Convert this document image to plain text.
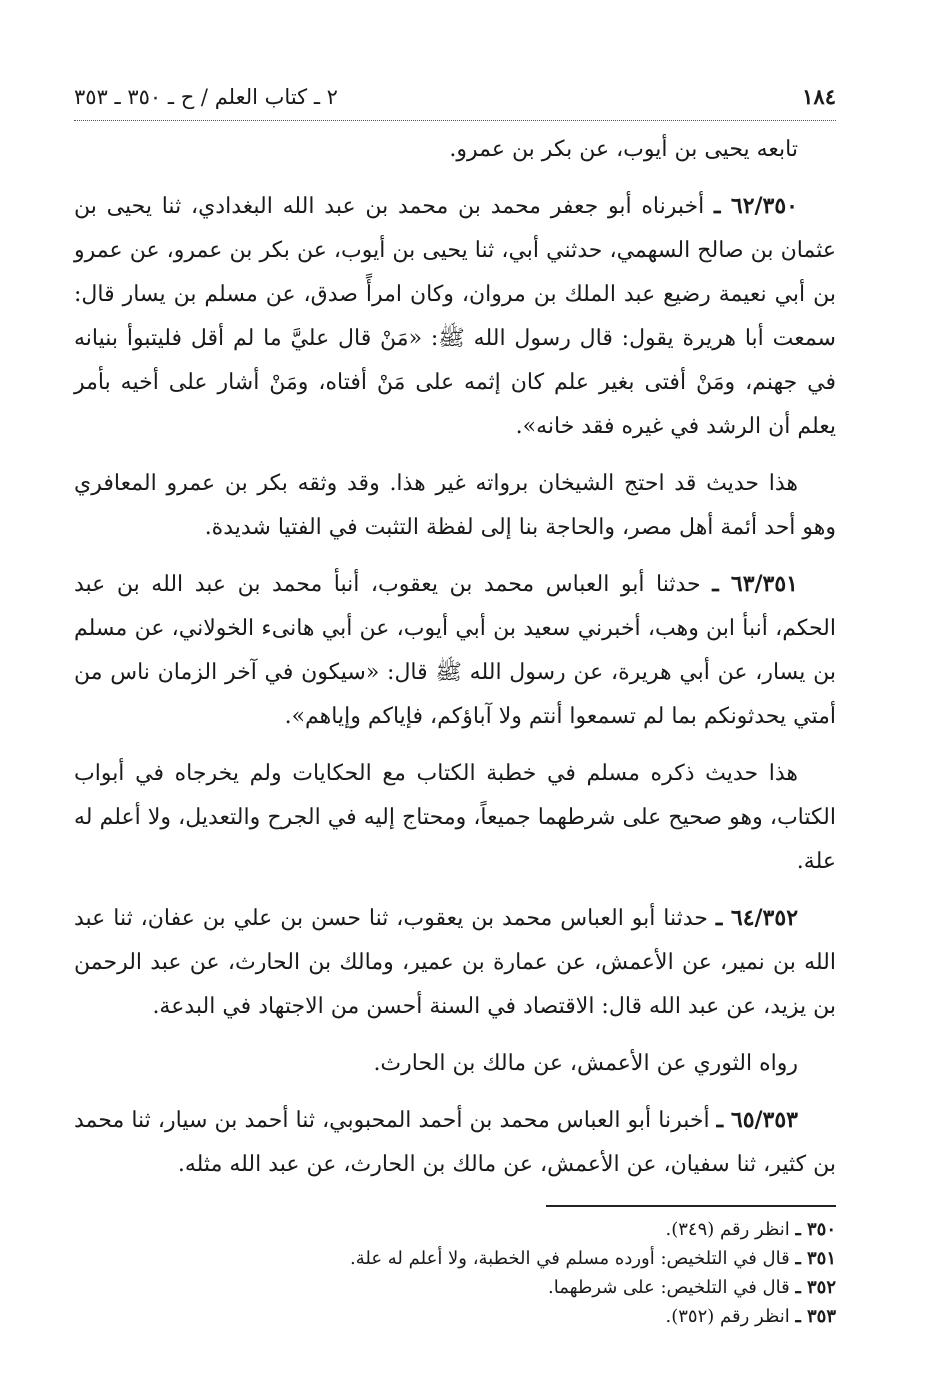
١٨٤
٢ ـ كتاب العلم / ح ـ ٣٥٠ ـ ٣٥٣

تابعه يحيى بن أيوب، عن بكر بن عمرو.

٦٢/٣٥٠ ـ أخبرناه أبو جعفر محمد بن محمد بن عبد الله البغدادي، ثنا يحيى بن عثمان بن صالح السهمي، حدثني أبي، ثنا يحيى بن أيوب، عن بكر بن عمرو، عن عمرو بن أبي نعيمة رضيع عبد الملك بن مروان، وكان امرأً صدق، عن مسلم بن يسار قال: سمعت أبا هريرة يقول: قال رسول الله ﷺ: «مَنْ قال عليَّ ما لم أقل فليتبوأ بنيانه في جهنم، ومَنْ أفتى بغير علم كان إثمه على مَنْ أفتاه، ومَنْ أشار على أخيه بأمر يعلم أن الرشد في غيره فقد خانه».

هذا حديث قد احتج الشيخان برواته غير هذا. وقد وثقه بكر بن عمرو المعافري وهو أحد أئمة أهل مصر، والحاجة بنا إلى لفظة التثبت في الفتيا شديدة.

٦٣/٣٥١ ـ حدثنا أبو العباس محمد بن يعقوب، أنبأ محمد بن عبد الله بن عبد الحكم، أنبأ ابن وهب، أخبرني سعيد بن أبي أيوب، عن أبي هانىء الخولاني، عن مسلم بن يسار، عن أبي هريرة، عن رسول الله ﷺ قال: «سيكون في آخر الزمان ناس من أمتي يحدثونكم بما لم تسمعوا أنتم ولا آباؤكم، فإياكم وإياهم».

هذا حديث ذكره مسلم في خطبة الكتاب مع الحكايات ولم يخرجاه في أبواب الكتاب، وهو صحيح على شرطهما جميعاً، ومحتاج إليه في الجرح والتعديل، ولا أعلم له علة.

٦٤/٣٥٢ ـ حدثنا أبو العباس محمد بن يعقوب، ثنا حسن بن علي بن عفان، ثنا عبد الله بن نمير، عن الأعمش، عن عمارة بن عمير، ومالك بن الحارث، عن عبد الرحمن بن يزيد، عن عبد الله قال: الاقتصاد في السنة أحسن من الاجتهاد في البدعة.

رواه الثوري عن الأعمش، عن مالك بن الحارث.

٦٥/٣٥٣ ـ أخبرنا أبو العباس محمد بن أحمد المحبوبي، ثنا أحمد بن سيار، ثنا محمد بن كثير، ثنا سفيان، عن الأعمش، عن مالك بن الحارث، عن عبد الله مثله.

٣٥٠ ـ انظر رقم (٣٤٩).
٣٥١ ـ قال في التلخيص: أورده مسلم في الخطبة، ولا أعلم له علة.
٣٥٢ ـ قال في التلخيص: على شرطهما.
٣٥٣ ـ انظر رقم (٣٥٢).
